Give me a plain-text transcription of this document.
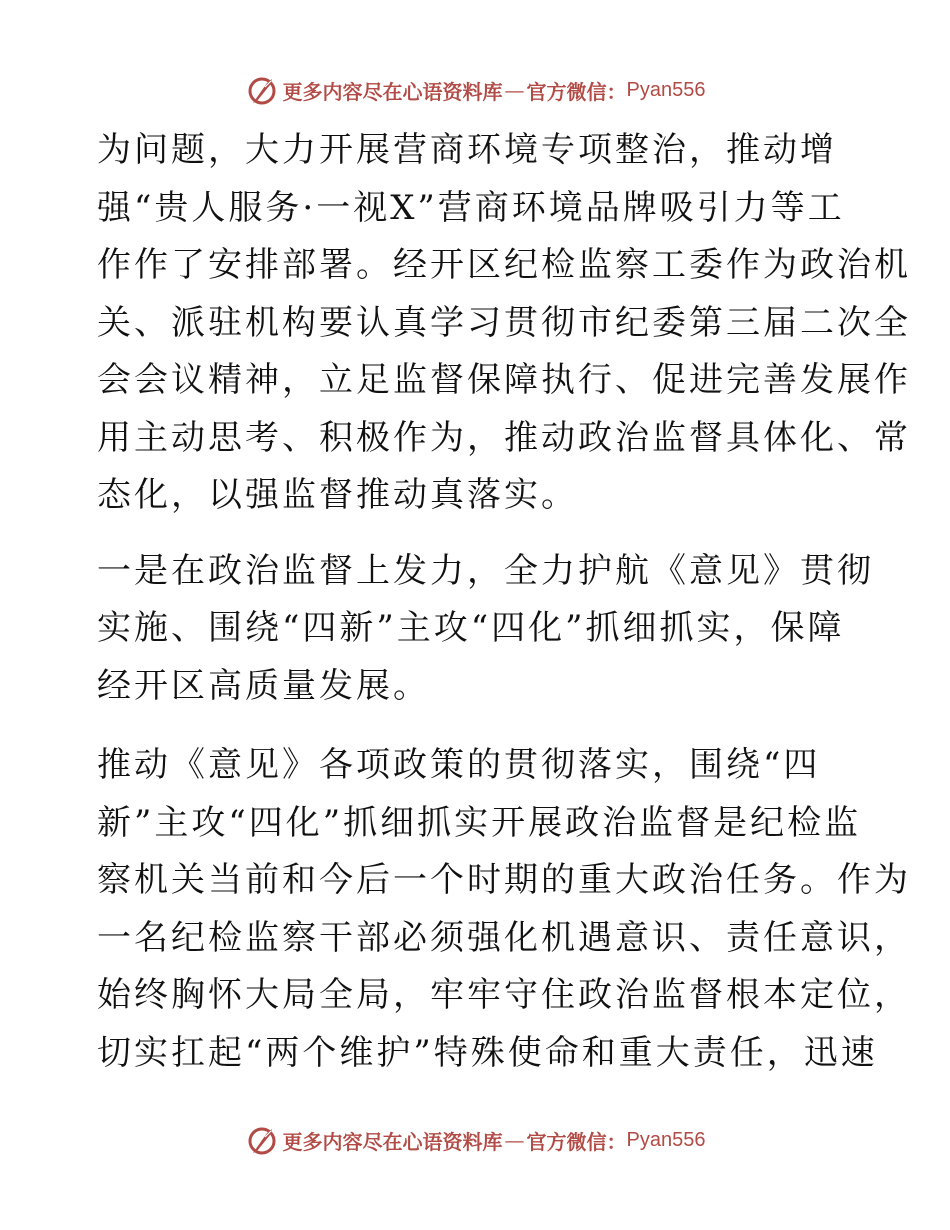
更多内容尽在心语资料库 — 官方微信： Pyan556

为问题，大力开展营商环境专项整治，推动增
强“贵人服务·一视X”营商环境品牌吸引力等工
作作了安排部署。经开区纪检监察工委作为政治机
关、派驻机构要认真学习贯彻市纪委第三届二次全
会会议精神，立足监督保障执行、促进完善发展作
用主动思考、积极作为，推动政治监督具体化、常
态化，以强监督推动真落实。

一是在政治监督上发力，全力护航《意见》贯彻
实施、围绕“四新”主攻“四化”抓细抓实，保障
经开区高质量发展。

推动《意见》各项政策的贯彻落实，围绕“四
新”主攻“四化”抓细抓实开展政治监督是纪检监
察机关当前和今后一个时期的重大政治任务。作为
一名纪检监察干部必须强化机遇意识、责任意识，
始终胸怀大局全局，牢牢守住政治监督根本定位，
切实扛起“两个维护”特殊使命和重大责任，迅速

更多内容尽在心语资料库 — 官方微信： Pyan556
